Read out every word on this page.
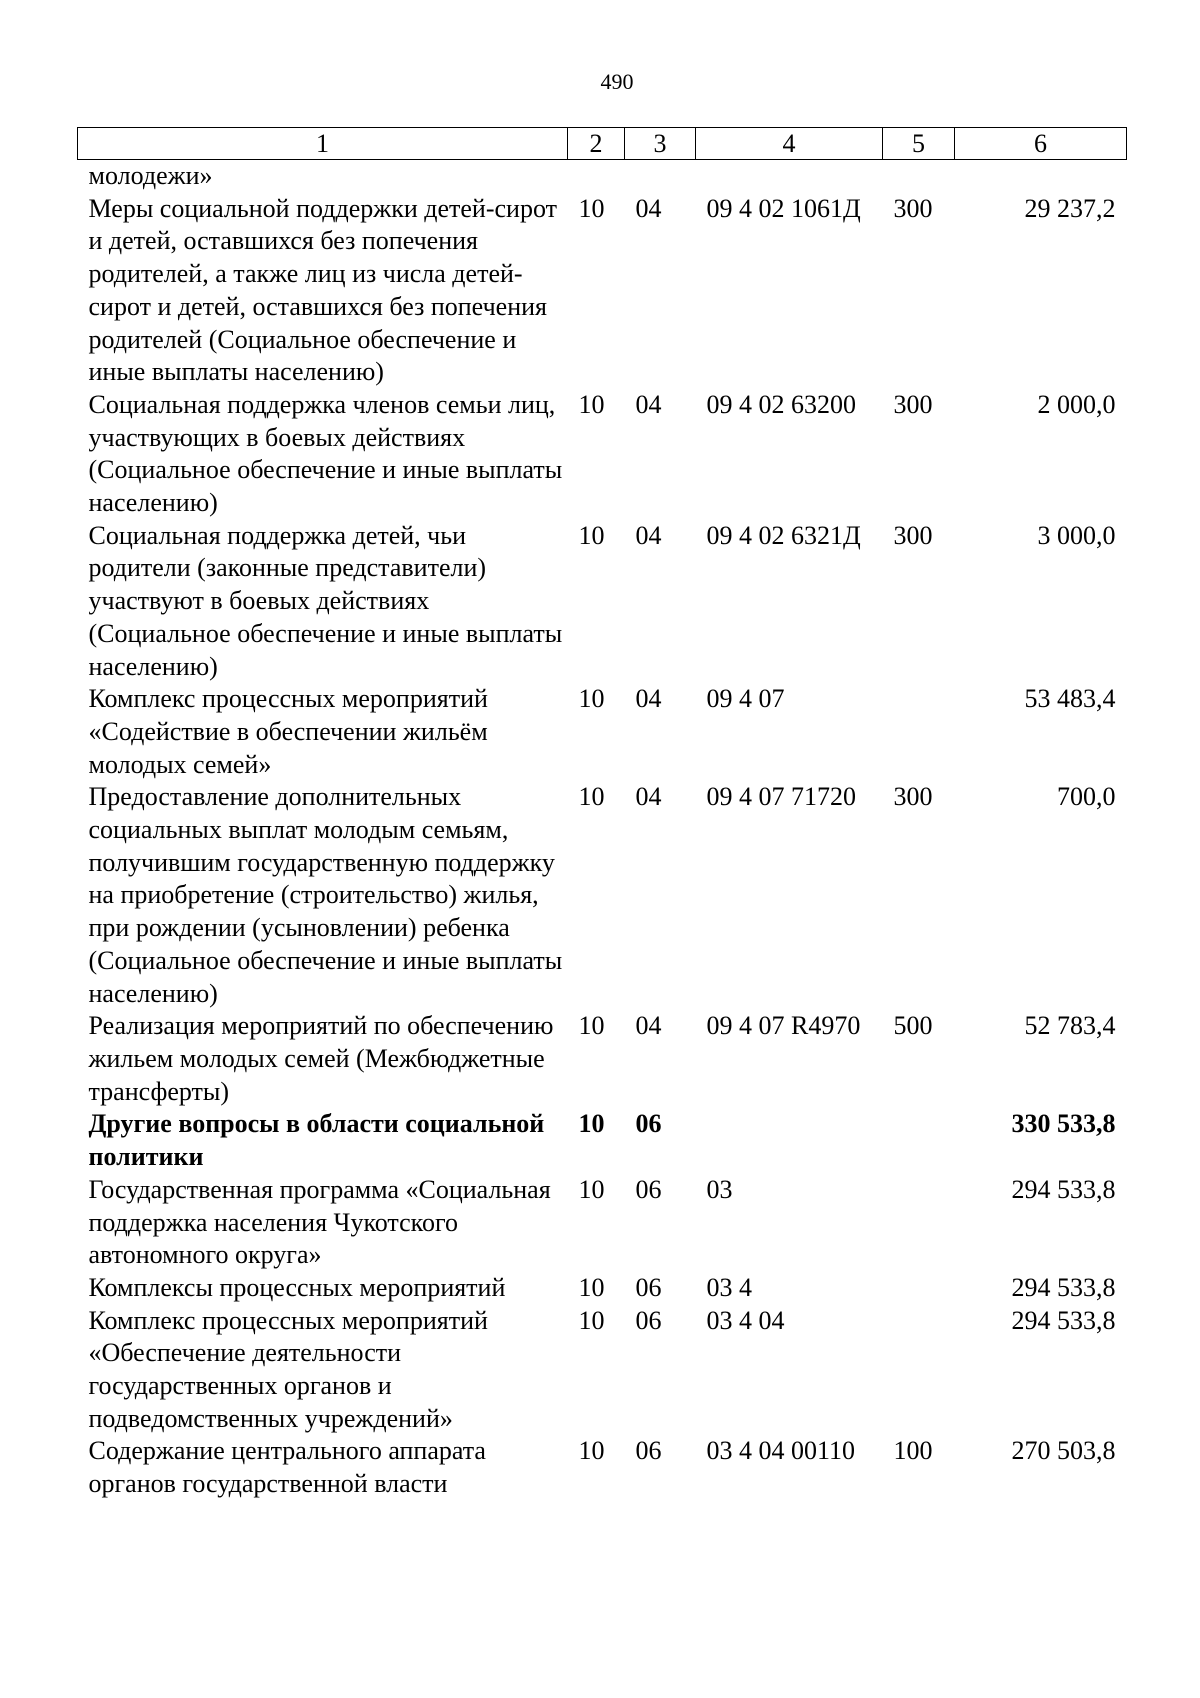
490
1	2	3	4	5	6
молодежи»					
Меры социальной поддержки детей-сирот и детей, оставшихся без попечения родителей, а также лиц из числа детей-сирот и детей, оставшихся без попечения родителей (Социальное обеспечение и иные выплаты населению)	10	04	09 4 02 1061Д	300	29 237,2
Социальная поддержка членов семьи лиц, участвующих в боевых действиях (Социальное обеспечение и иные выплаты населению)	10	04	09 4 02 63200	300	2 000,0
Социальная поддержка детей, чьи родители (законные представители) участвуют в боевых действиях (Социальное обеспечение и иные выплаты населению)	10	04	09 4 02 6321Д	300	3 000,0
Комплекс процессных мероприятий «Содействие в обеспечении жильём молодых семей»	10	04	09 4 07		53 483,4
Предоставление дополнительных социальных выплат молодым семьям, получившим государственную поддержку на приобретение (строительство) жилья, при рождении (усыновлении) ребенка (Социальное обеспечение и иные выплаты населению)	10	04	09 4 07 71720	300	700,0
Реализация мероприятий по обеспечению жильем молодых семей (Межбюджетные трансферты)	10	04	09 4 07 R4970	500	52 783,4
Другие вопросы в области социальной политики	10	06			330 533,8
Государственная программа «Социальная поддержка населения Чукотского автономного округа»	10	06	03		294 533,8
Комплексы процессных мероприятий	10	06	03 4		294 533,8
Комплекс процессных мероприятий «Обеспечение деятельности государственных органов и подведомственных учреждений»	10	06	03 4 04		294 533,8
Содержание центрального аппарата органов государственной власти	10	06	03 4 04 00110	100	270 503,8
